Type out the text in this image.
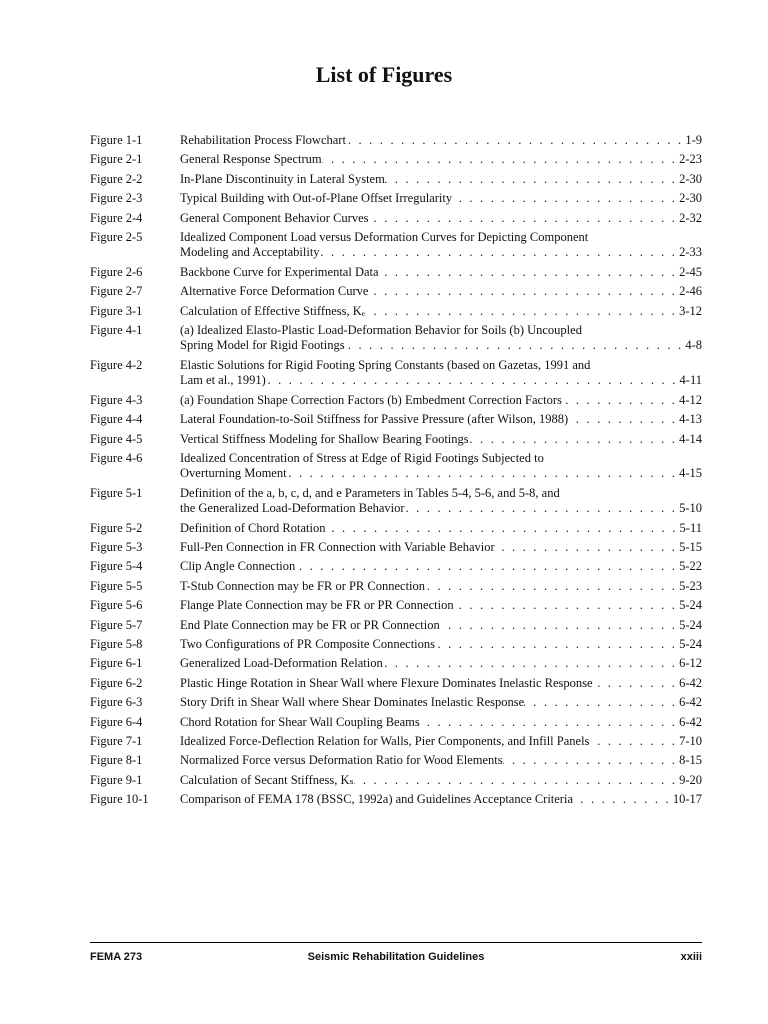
List of Figures
Figure 1-1	Rehabilitation Process Flowchart . . .	1-9
Figure 2-1	General Response Spectrum . . .	2-23
Figure 2-2	In-Plane Discontinuity in Lateral System . . .	2-30
Figure 2-3	Typical Building with Out-of-Plane Offset Irregularity . . .	2-30
Figure 2-4	General Component Behavior Curves . . .	2-32
Figure 2-5	Idealized Component Load versus Deformation Curves for Depicting Component
Modeling and Acceptability . . .	2-33
Figure 2-6	Backbone Curve for Experimental Data . . .	2-45
Figure 2-7	Alternative Force Deformation Curve . . .	2-46
Figure 3-1	Calculation of Effective Stiffness, Kₑ . . .	3-12
Figure 4-1	(a) Idealized Elasto-Plastic Load-Deformation Behavior for Soils (b) Uncoupled
Spring Model for Rigid Footings . . .	4-8
Figure 4-2	Elastic Solutions for Rigid Footing Spring Constants (based on Gazetas, 1991 and
Lam et al., 1991) . . .	4-11
Figure 4-3	(a) Foundation Shape Correction Factors (b) Embedment Correction Factors . . .	4-12
Figure 4-4	Lateral Foundation-to-Soil Stiffness for Passive Pressure (after Wilson, 1988) . . .	4-13
Figure 4-5	Vertical Stiffness Modeling for Shallow Bearing Footings . . .	4-14
Figure 4-6	Idealized Concentration of Stress at Edge of Rigid Footings Subjected to
Overturning Moment . . .	4-15
Figure 5-1	Definition of the a, b, c, d, and e Parameters in Tables 5-4, 5-6, and 5-8, and
the Generalized Load-Deformation Behavior . . .	5-10
Figure 5-2	Definition of Chord Rotation . . .	5-11
Figure 5-3	Full-Pen Connection in FR Connection with Variable Behavior . . .	5-15
Figure 5-4	Clip Angle Connection . . .	5-22
Figure 5-5	T-Stub Connection may be FR or PR Connection . . .	5-23
Figure 5-6	Flange Plate Connection may be FR or PR Connection . . .	5-24
Figure 5-7	End Plate Connection may be FR or PR Connection . . .	5-24
Figure 5-8	Two Configurations of PR Composite Connections . . .	5-24
Figure 6-1	Generalized Load-Deformation Relation . . .	6-12
Figure 6-2	Plastic Hinge Rotation in Shear Wall where Flexure Dominates Inelastic Response . . .	6-42
Figure 6-3	Story Drift in Shear Wall where Shear Dominates Inelastic Response . . .	6-42
Figure 6-4	Chord Rotation for Shear Wall Coupling Beams . . .	6-42
Figure 7-1	Idealized Force-Deflection Relation for Walls, Pier Components, and Infill Panels . . .	7-10
Figure 8-1	Normalized Force versus Deformation Ratio for Wood Elements . . .	8-15
Figure 9-1	Calculation of Secant Stiffness, Kₛ . . .	9-20
Figure 10-1	Comparison of FEMA 178 (BSSC, 1992a) and Guidelines Acceptance Criteria . . .	10-17
FEMA 273	Seismic Rehabilitation Guidelines	xxiii
